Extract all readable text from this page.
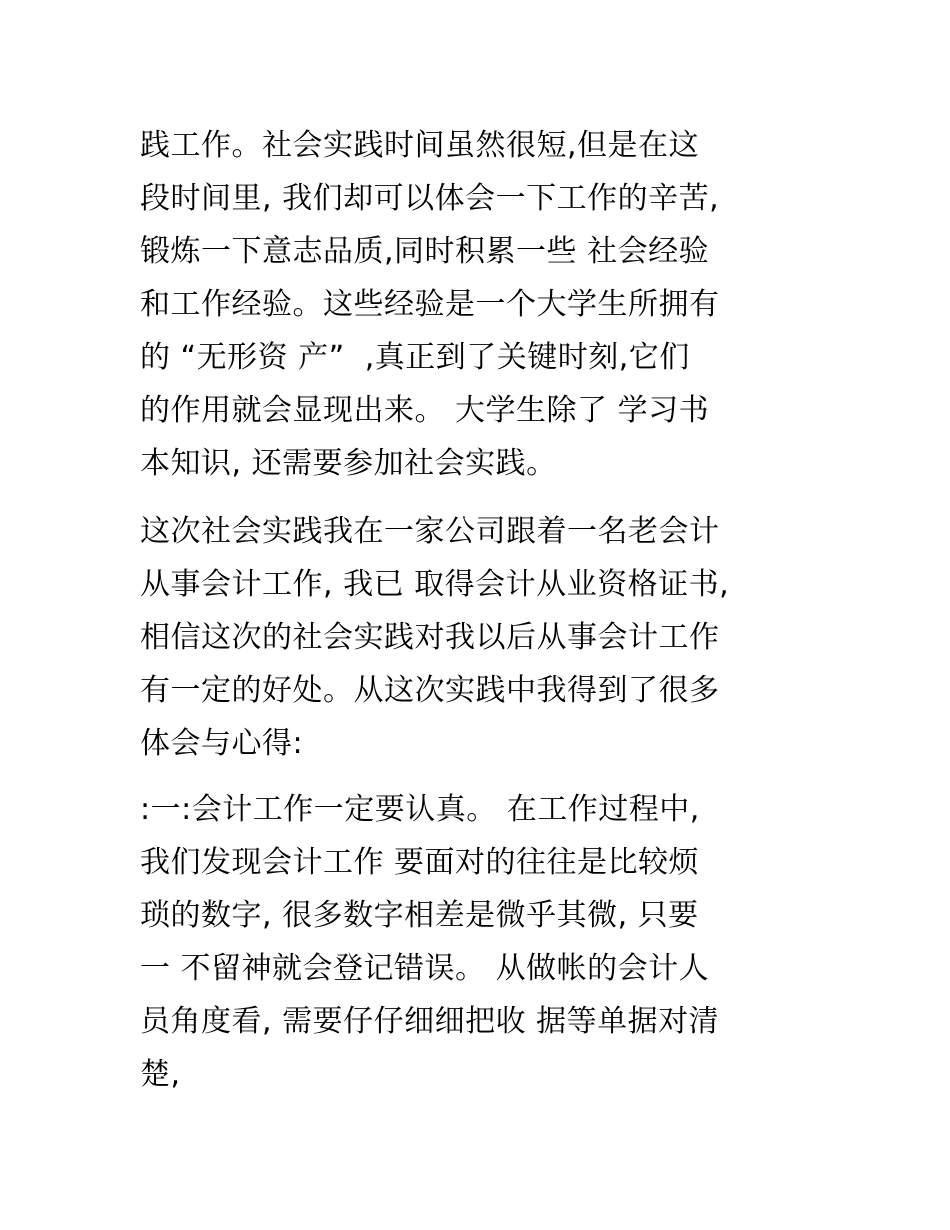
践工作。社会实践时间虽然很短,但是在这
段时间里, 我们却可以体会一下工作的辛苦,
锻炼一下意志品质,同时积累一些 社会经验
和工作经验。这些经验是一个大学生所拥有
的 “无形资 产”  ,真正到了关键时刻,它们
的作用就会显现出来。 大学生除了 学习书
本知识, 还需要参加社会实践。
这次社会实践我在一家公司跟着一名老会计
从事会计工作, 我已 取得会计从业资格证书,
相信这次的社会实践对我以后从事会计工作
有一定的好处。从这次实践中我得到了很多
体会与心得:
:一:会计工作一定要认真。 在工作过程中,
我们发现会计工作 要面对的往往是比较烦
琐的数字, 很多数字相差是微乎其微, 只要
一 不留神就会登记错误。 从做帐的会计人
员角度看, 需要仔仔细细把收 据等单据对清
楚,
